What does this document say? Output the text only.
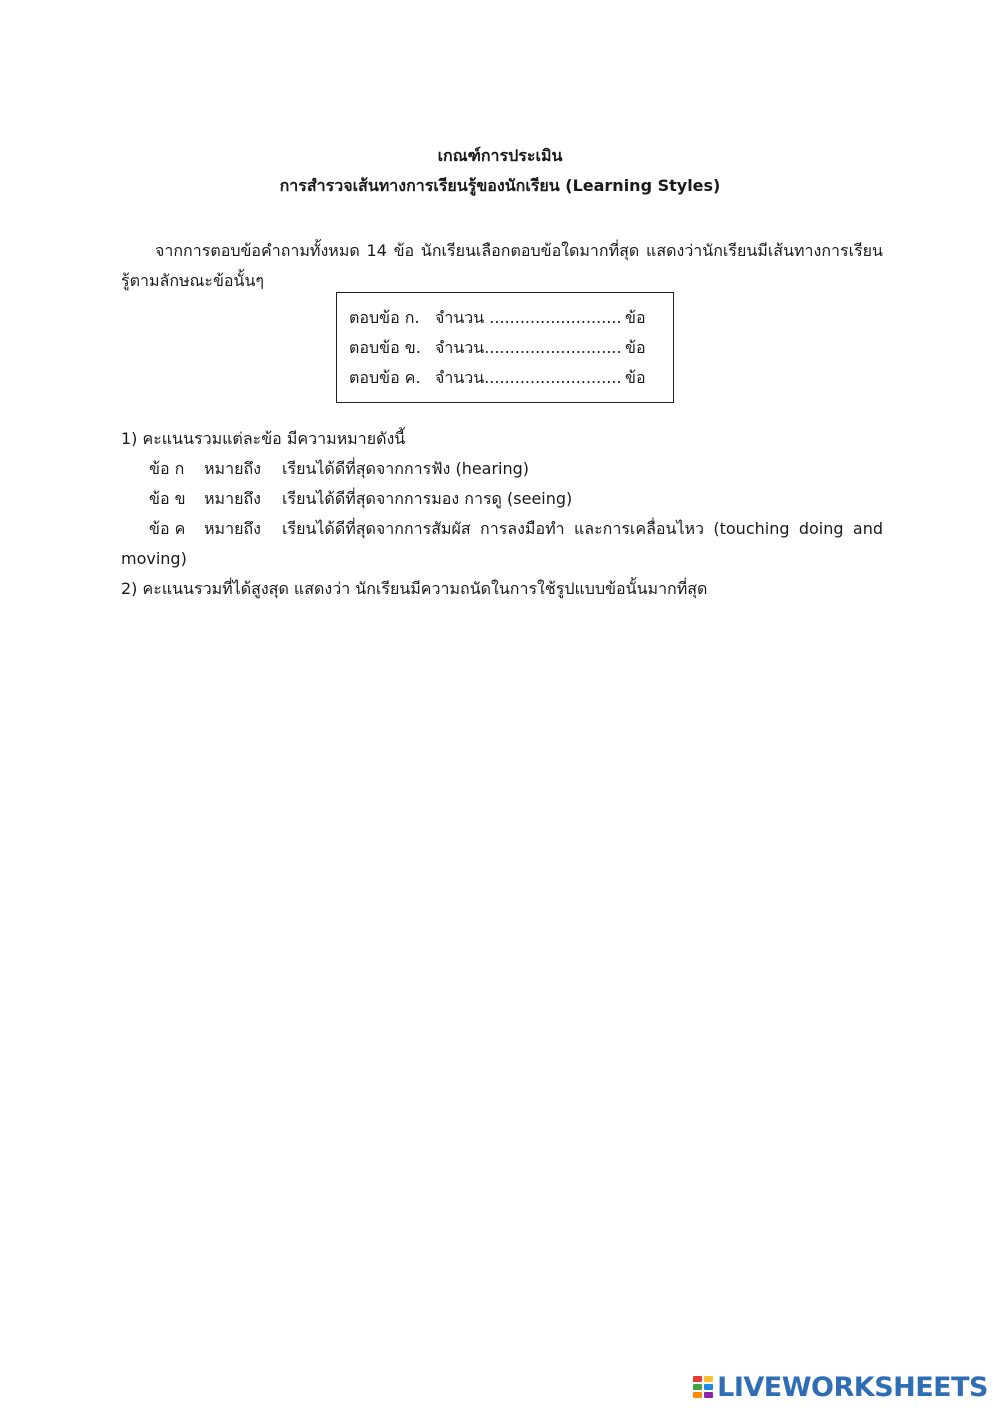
เกณฑ์การประเมิน
การสำรวจเส้นทางการเรียนรู้ของนักเรียน (Learning Styles)
จากการตอบข้อคำถามทั้งหมด 14 ข้อ นักเรียนเลือกตอบข้อใดมากที่สุด แสดงว่านักเรียนมีเส้นทางการเรียนรู้ตามลักษณะข้อนั้นๆ
ตอบข้อ ก. จำนวน .......................... ข้อ
ตอบข้อ ข. จำนวน........................... ข้อ
ตอบข้อ ค. จำนวน........................... ข้อ
1) คะแนนรวมแต่ละข้อ มีความหมายดังนี้
ข้อ ก หมายถึง เรียนได้ดีที่สุดจากการฟัง (hearing)
ข้อ ข หมายถึง เรียนได้ดีที่สุดจากการมอง การดู (seeing)
ข้อ ค หมายถึง เรียนได้ดีที่สุดจากการสัมผัส การลงมือทำ และการเคลื่อนไหว (touching doing and moving)
2) คะแนนรวมที่ได้สูงสุด แสดงว่า นักเรียนมีความถนัดในการใช้รูปแบบข้อนั้นมากที่สุด
LIVEWORKSHEETS
